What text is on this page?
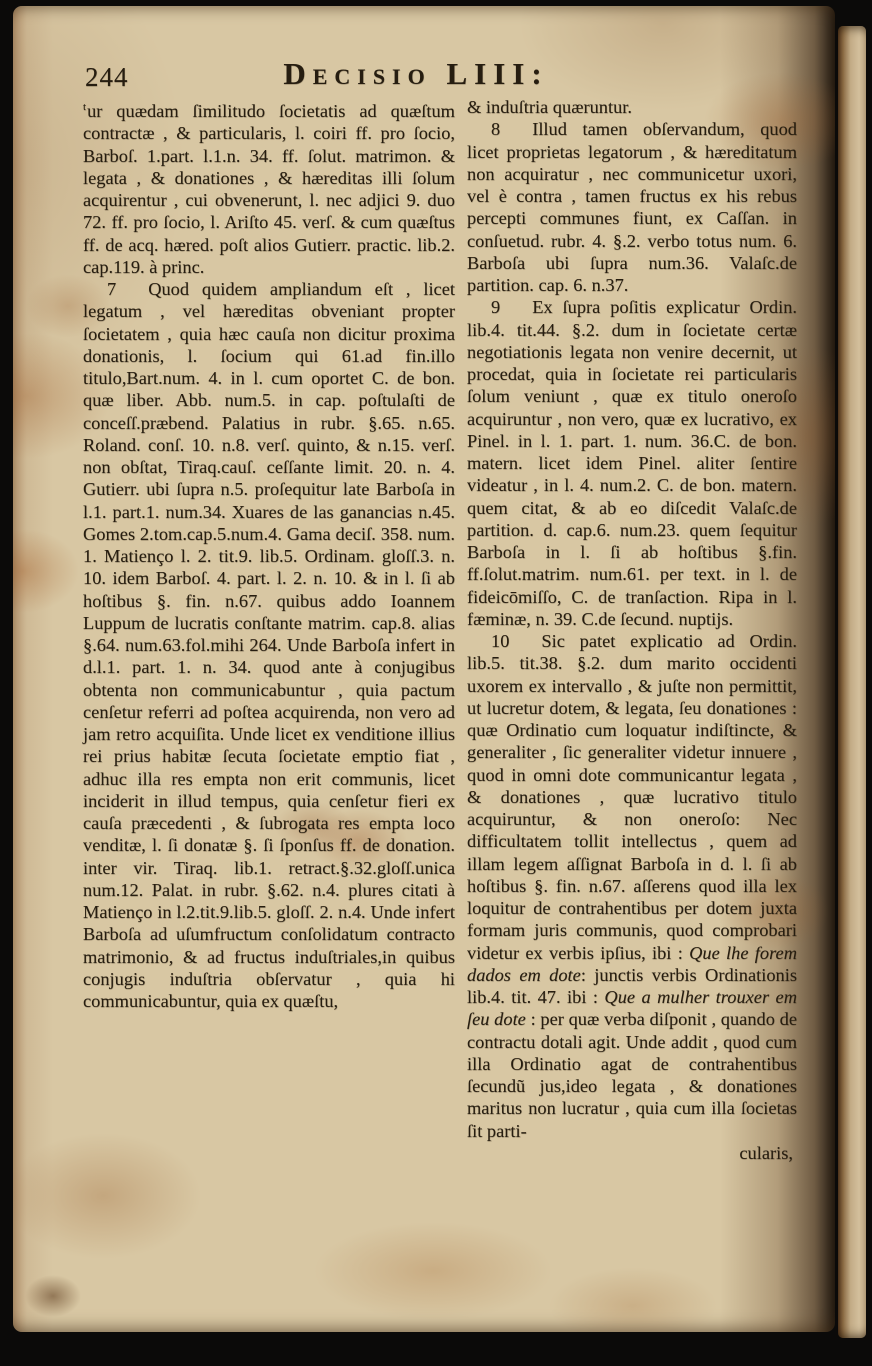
244	Decisio LIII:

$^t$ur quædam ſimilitudo ſocietatis ad quæſtum contractæ , & particularis, l. coiri ff. pro ſocio, Barboſ. 1.part. l.1.n. 34. ff. ſolut. matrimon. & legata , & donationes , & hæreditas illi ſolum acquirentur , cui obvenerunt, l. nec adjici 9. duo 72. ff. pro ſocio, l. Ariſto 45. verſ. & cum quæſtus ff. de acq. hæred. poſt alios Gutierr. practic. lib.2. cap.119. à princ.

7 Quod quidem ampliandum eſt , licet legatum , vel hæreditas obveniant propter ſocietatem , quia hæc cauſa non dicitur proxima donationis, l. ſocium qui 61.ad fin.illo titulo,Bart.num. 4. in l. cum oportet C. de bon. quæ liber. Abb. num.5. in cap. poſtulaſti de conceſſ.præbend. Palatius in rubr. §.65. n.65. Roland. conſ. 10. n.8. verſ. quinto, & n.15. verſ. non obſtat, Tiraq.cauſ. ceſſante limit. 20. n. 4. Gutierr. ubi ſupra n.5. proſequitur late Barboſa in l.1. part.1. num.34. Xuares de las ganancias n.45. Gomes 2.tom.cap.5.num.4. Gama deciſ. 358. num. 1. Matienço l. 2. tit.9. lib.5. Ordinam. gloſſ.3. n. 10. idem Barboſ. 4. part. l. 2. n. 10. & in l. ſi ab hoſtibus §. fin. n.67. quibus addo Ioannem Luppum de lucratis conſtante matrim. cap.8. alias §.64. num.63.fol.mihi 264. Unde Barboſa infert in d.l.1. part. 1. n. 34. quod ante à conjugibus obtenta non communicabuntur , quia pactum cenſetur referri ad poſtea acquirenda, non vero ad jam retro acquiſita. Unde licet ex venditione illius rei prius habitæ ſecuta ſocietate emptio fiat , adhuc illa res empta non erit communis, licet inciderit in illud tempus, quia cenſetur fieri ex cauſa præcedenti , & ſubrogata res empta loco venditæ, l. ſi donatæ §. ſi ſponſus ff. de donation. inter vir. Tiraq. lib.1. retract.§.32.gloſſ.unica num.12. Palat. in rubr. §.62. n.4. plures citati à Matienço in l.2.tit.9.lib.5. gloſſ. 2. n.4. Unde infert Barboſa ad uſumfructum conſolidatum contracto matrimonio, & ad fructus induſtriales,in quibus conjugis induſtria obſervatur , quia hi communicabuntur, quia ex quæſtu,

& induſtria quæruntur.

8 Illud tamen obſervandum, quod licet proprietas legatorum , & hæreditatum non acquiratur , nec communicetur uxori, vel è contra , tamen fructus ex his rebus percepti communes fiunt, ex Caſſan. in conſuetud. rubr. 4. §.2. verbo totus num. 6. Barboſa ubi ſupra num.36. Valaſc.de partition. cap. 6. n.37.

9 Ex ſupra poſitis explicatur Ordin. lib.4. tit.44. §.2. dum in ſocietate certæ negotiationis legata non venire decernit, ut procedat, quia in ſocietate rei particularis ſolum veniunt , quæ ex titulo oneroſo acquiruntur , non vero, quæ ex lucrativo, ex Pinel. in l. 1. part. 1. num. 36.C. de bon. matern. licet idem Pinel. aliter ſentire videatur , in l. 4. num.2. C. de bon. matern. quem citat, & ab eo diſcedit Valaſc.de partition. d. cap.6. num.23. quem ſequitur Barboſa in l. ſi ab hoſtibus §.fin. ff.ſolut.matrim. num.61. per text. in l. de fideicōmiſſo, C. de tranſaction. Ripa in l. fæminæ, n. 39. C.de ſecund. nuptijs.

10 Sic patet explicatio ad Ordin. lib.5. tit.38. §.2. dum marito occidenti uxorem ex intervallo , & juſte non permittit, ut lucretur dotem, & legata, ſeu donationes : quæ Ordinatio cum loquatur indiſtincte, & generaliter , ſic generaliter videtur innuere , quod in omni dote communicantur legata , & donationes , quæ lucrativo titulo acquiruntur, & non oneroſo: Nec difficultatem tollit intellectus , quem ad illam legem aſſignat Barboſa in d. l. ſi ab hoſtibus §. fin. n.67. aſſerens quod illa lex loquitur de contrahentibus per dotem juxta formam juris communis, quod comprobari videtur ex verbis ipſius, ibi : Que lhe forem dados em dote: junctis verbis Ordinationis lib.4. tit. 47. ibi : Que a mulher trouxer em ſeu dote : per quæ verba diſponit , quando de contractu dotali agit. Unde addit , quod cum illa Ordinatio agat de contrahentibus ſecundũ jus,ideo legata , & donationes maritus non lucratur , quia cum illa ſocietas ſit parti-

cularis,
